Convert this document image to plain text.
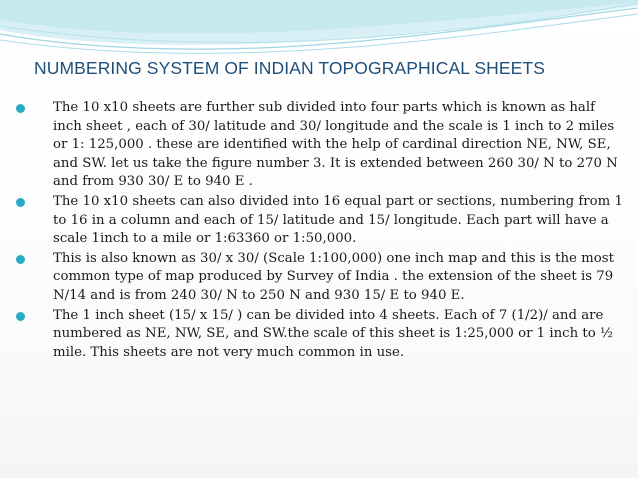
NUMBERING SYSTEM OF INDIAN TOPOGRAPHICAL SHEETS
The 10 x10 sheets are further sub divided into four parts which is known as half inch sheet , each of 30/ latitude and 30/ longitude and the scale is 1 inch to 2 miles or 1: 125,000 . these are identified with the help of cardinal direction NE, NW, SE, and SW. let us take the figure number 3. It is extended between 260 30/ N to 270 N and from 930 30/ E to 940 E .
The 10 x10 sheets can also divided into 16 equal part or sections, numbering from 1 to 16 in a column and each of 15/ latitude and 15/ longitude. Each part will have a scale 1inch to a mile or 1:63360 or 1:50,000.
This is also known as 30/ x 30/ (Scale 1:100,000) one inch map and this is the most common type of map produced by Survey of India . the extension of the sheet is 79 N/14 and is from 240 30/ N to 250 N and 930 15/ E to 940 E.
The 1 inch sheet (15/ x 15/ ) can be divided into 4 sheets. Each of 7 (1/2)/ and are numbered as NE, NW, SE, and SW.the scale of this sheet is 1:25,000 or 1 inch to ½ mile. This sheets are not very much common in use.
